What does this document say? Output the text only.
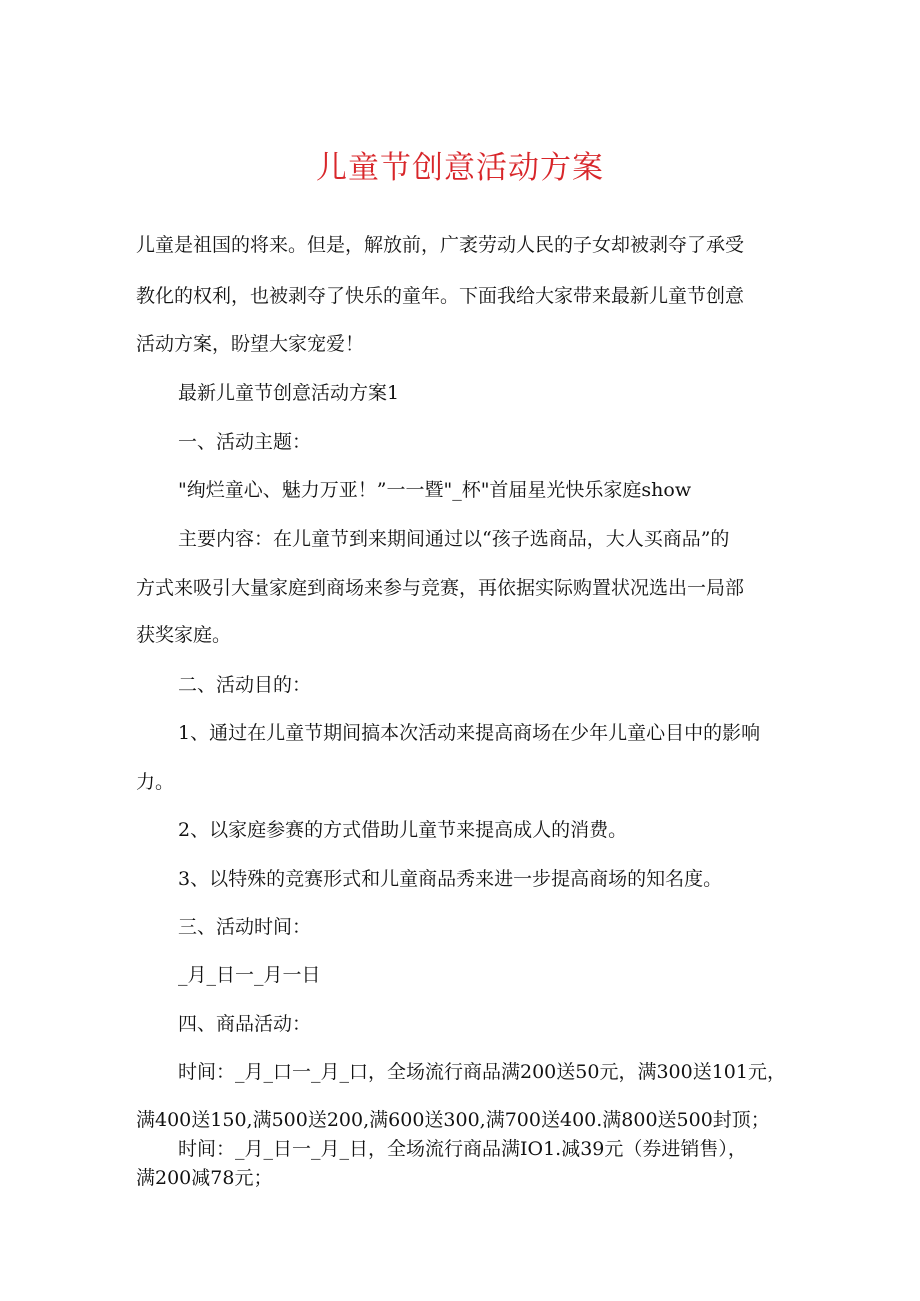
儿童节创意活动方案

儿童是祖国的将来。但是，解放前，广袤劳动人民的子女却被剥夺了承受

教化的权利，也被剥夺了快乐的童年。下面我给大家带来最新儿童节创意

活动方案，盼望大家宠爱！

最新儿童节创意活动方案1

一、活动主题：

"绚烂童心、魅力万亚！”一一暨"_杯"首届星光快乐家庭show

主要内容：在儿童节到来期间通过以“孩子选商品，大人买商品”的

方式来吸引大量家庭到商场来参与竞赛，再依据实际购置状况选出一局部

获奖家庭。

二、活动目的：

1、通过在儿童节期间搞本次活动来提高商场在少年儿童心目中的影响

力。

2、以家庭参赛的方式借助儿童节来提高成人的消费。

3、以特殊的竞赛形式和儿童商品秀来进一步提高商场的知名度。

三、活动时间：

_月_日一_月一日

四、商品活动：

时间：_月_口一_月_口，全场流行商品满200送50元，满300送101元，

满400送150,满500送200,满600送300,满700送400.满800送500封顶；

时间：_月_日一_月_日，全场流行商品满IO1.减39元（券进销售），

满200减78元；
